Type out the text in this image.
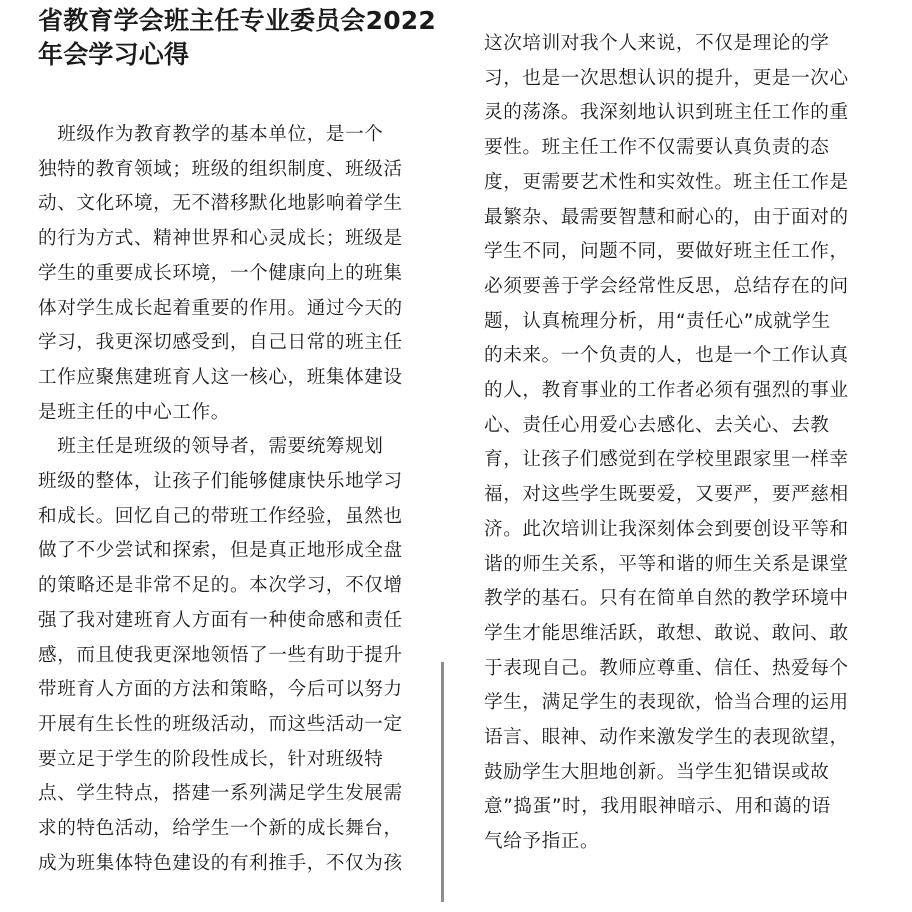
省教育学会班主任专业委员会2022
年会学习心得

　班级作为教育教学的基本单位，是一个
独特的教育领域；班级的组织制度、班级活
动、文化环境，无不潜移默化地影响着学生
的行为方式、精神世界和心灵成长；班级是
学生的重要成长环境，一个健康向上的班集
体对学生成长起着重要的作用。通过今天的
学习，我更深切感受到，自己日常的班主任
工作应聚焦建班育人这一核心，班集体建设
是班主任的中心工作。

　班主任是班级的领导者，需要统筹规划
班级的整体，让孩子们能够健康快乐地学习
和成长。回忆自己的带班工作经验，虽然也
做了不少尝试和探索，但是真正地形成全盘
的策略还是非常不足的。本次学习，不仅增
强了我对建班育人方面有一种使命感和责任
感，而且使我更深地领悟了一些有助于提升
带班育人方面的方法和策略，今后可以努力
开展有生长性的班级活动，而这些活动一定
要立足于学生的阶段性成长，针对班级特
点、学生特点，搭建一系列满足学生发展需
求的特色活动，给学生一个新的成长舞台，
成为班集体特色建设的有利推手，不仅为孩

这次培训对我个人来说，不仅是理论的学
习，也是一次思想认识的提升，更是一次心
灵的荡涤。我深刻地认识到班主任工作的重
要性。班主任工作不仅需要认真负责的态
度，更需要艺术性和实效性。班主任工作是
最繁杂、最需要智慧和耐心的，由于面对的
学生不同，问题不同，要做好班主任工作，
必须要善于学会经常性反思，总结存在的问
题，认真梳理分析，用“责任心”成就学生
的未来。一个负责的人，也是一个工作认真
的人，教育事业的工作者必须有强烈的事业
心、责任心用爱心去感化、去关心、去教
育，让孩子们感觉到在学校里跟家里一样幸
福，对这些学生既要爱，又要严，要严慈相
济。此次培训让我深刻体会到要创设平等和
谐的师生关系，平等和谐的师生关系是课堂
教学的基石。只有在简单自然的教学环境中
学生才能思维活跃，敢想、敢说、敢问、敢
于表现自己。教师应尊重、信任、热爱每个
学生，满足学生的表现欲，恰当合理的运用
语言、眼神、动作来激发学生的表现欲望，
鼓励学生大胆地创新。当学生犯错误或故
意”捣蛋”时，我用眼神暗示、用和蔼的语
气给予指正。
